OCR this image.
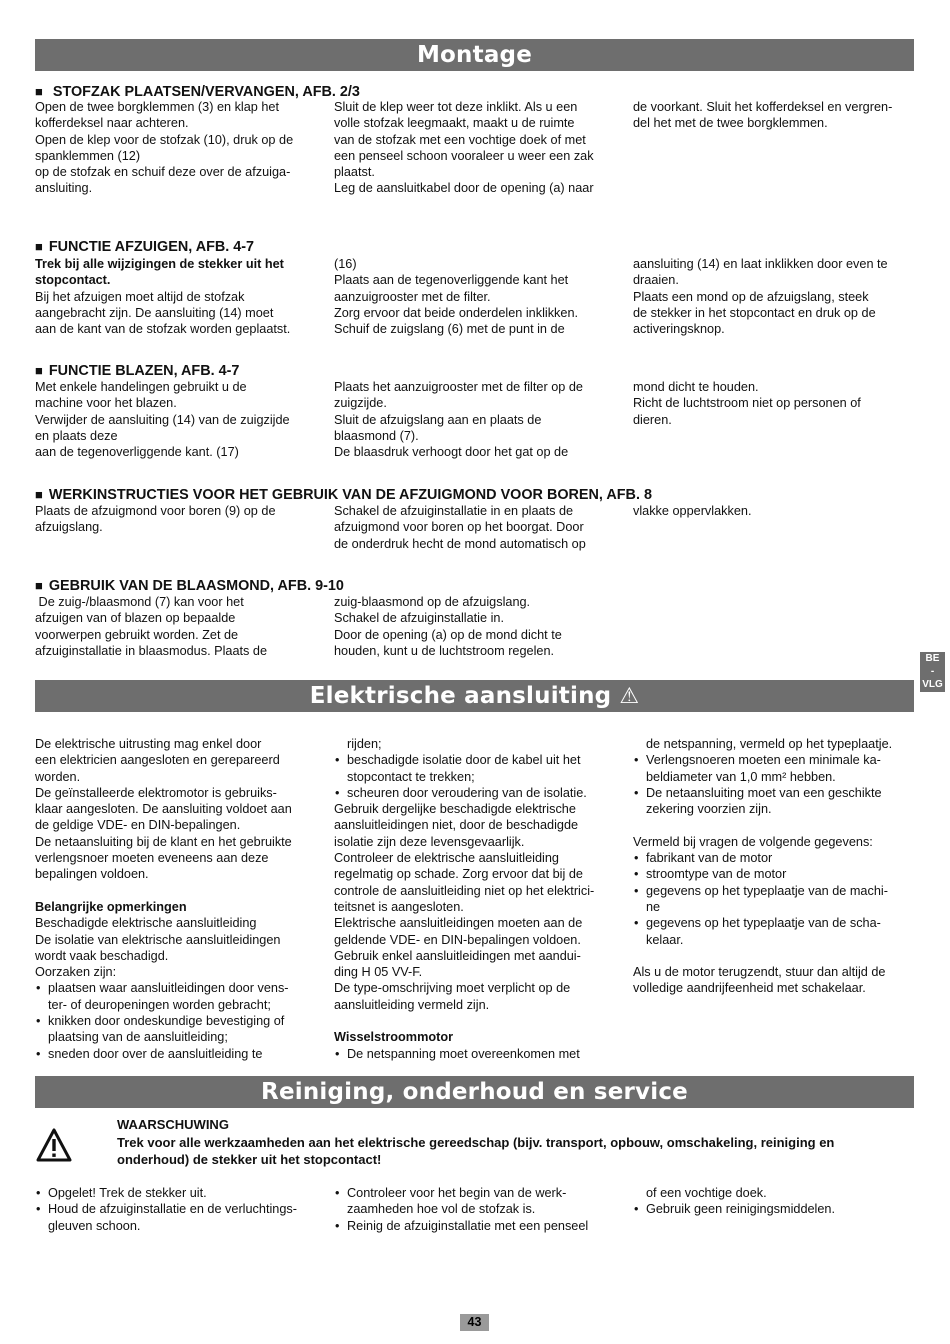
Montage
■ STOFZAK PLAATSEN/VERVANGEN, AFB. 2/3
Open de twee borgklemmen (3) en klap het
kofferdeksel naar achteren.
Open de klep voor de stofzak (10), druk op de
spanklemmen (12)
op de stofzak en schuif deze over de afzuiga-
ansluiting.
Sluit de klep weer tot deze inklikt. Als u een
volle stofzak leegmaakt, maakt u de ruimte
van de stofzak met een vochtige doek of met
een penseel schoon vooraleer u weer een zak
plaatst.
Leg de aansluitkabel door de opening (a) naar
de voorkant. Sluit het kofferdeksel en vergren-
del het met de twee borgklemmen.
■ FUNCTIE AFZUIGEN, AFB. 4-7
Trek bij alle wijzigingen de stekker uit het
stopcontact.
Bij het afzuigen moet altijd de stofzak
aangebracht zijn. De aansluiting (14) moet
aan de kant van de stofzak worden geplaatst.
(16)
Plaats aan de tegenoverliggende kant het
aanzuigrooster met de filter.
Zorg ervoor dat beide onderdelen inklikken.
Schuif de zuigslang (6) met de punt in de
aansluiting (14) en laat inklikken door even te
draaien.
Plaats een mond op de afzuigslang, steek
de stekker in het stopcontact en druk op de
activeringsknop.
■ FUNCTIE BLAZEN, AFB. 4-7
Met enkele handelingen gebruikt u de
machine voor het blazen.
Verwijder de aansluiting (14) van de zuigzijde
en plaats deze
aan de tegenoverliggende kant. (17)
Plaats het aanzuigrooster met de filter op de
zuigzijde.
Sluit de afzuigslang aan en plaats de
blaasmond (7).
De blaasdruk verhoogt door het gat op de
mond dicht te houden.
Richt de luchtstroom niet op personen of
dieren.
■ WERKINSTRUCTIES VOOR HET GEBRUIK VAN DE AFZUIGMOND VOOR BOREN, AFB. 8
Plaats de afzuigmond voor boren (9) op de
afzuigslang.
Schakel de afzuiginstallatie in en plaats de
afzuigmond voor boren op het boorgat. Door
de onderdruk hecht de mond automatisch op
vlakke oppervlakken.
■ GEBRUIK VAN DE BLAASMOND, AFB. 9-10
De zuig-/blaasmond (7) kan voor het
afzuigen van of blazen op bepaalde
voorwerpen gebruikt worden. Zet de
afzuiginstallatie in blaasmodus. Plaats de
zuig-blaasmond op de afzuigslang.
Schakel de afzuiginstallatie in.
Door de opening (a) op de mond dicht te
houden, kunt u de luchtstroom regelen.
BE
-
VLG
Elektrische aansluiting ⚠
De elektrische uitrusting mag enkel door
een elektricien aangesloten en gerepareerd
worden.
De geïnstalleerde elektromotor is gebruiks-
klaar aangesloten. De aansluiting voldoet aan
de geldige VDE- en DIN-bepalingen.
De netaansluiting bij de klant en het gebruikte
verlengsnoer moeten eveneens aan deze
bepalingen voldoen.

Belangrijke opmerkingen

Beschadigde elektrische aansluitleiding
De isolatie van elektrische aansluitleidingen
wordt vaak beschadigd.
Oorzaken zijn:
• plaatsen waar aansluitleidingen door vens-
ter- of deuropeningen worden gebracht;
• knikken door ondeskundige bevestiging of
plaatsing van de aansluitleiding;
• sneden door over de aansluitleiding te

rijden;

• beschadigde isolatie door de kabel uit het
stopcontact te trekken;
• scheuren door veroudering van de isolatie.
Gebruik dergelijke beschadigde elektrische
aansluitleidingen niet, door de beschadigde
isolatie zijn deze levensgevaarlijk.
Controleer de elektrische aansluitleiding
regelmatig op schade. Zorg ervoor dat bij de
controle de aansluitleiding niet op het elektrici-
teitsnet is aangesloten.
Elektrische aansluitleidingen moeten aan de
geldende VDE- en DIN-bepalingen voldoen.
Gebruik enkel aansluitleidingen met aandui-
ding H 05 VV-F.
De type-omschrijving moet verplicht op de
aansluitleiding vermeld zijn.

Wisselstroommotor

• De netspanning moet overeenkomen met

de netspanning, vermeld op het typeplaatje.

• Verlengsnoeren moeten een minimale ka-
beldiameter van 1,0 mm² hebben.
• De netaansluiting moet van een geschikte
zekering voorzien zijn.

Vermeld bij vragen de volgende gegevens:

• fabrikant van de motor
• stroomtype van de motor
• gegevens op het typeplaatje van de machi-
ne
• gegevens op het typeplaatje van de scha-
kelaar.
Als u de motor terugzendt, stuur dan altijd de
volledige aandrijfeenheid met schakelaar.
Reiniging, onderhoud en service
WAARSCHUWING
Trek voor alle werkzaamheden aan het elektrische gereedschap (bijv. transport, opbouw, omschakeling, reiniging en onderhoud) de stekker uit het stopcontact!
• Opgelet! Trek de stekker uit.
• Houd de afzuiginstallatie en de verluchtings-
gleuven schoon.
• Controleer voor het begin van de werk-
zaamheden hoe vol de stofzak is.
• Reinig de afzuiginstallatie met een penseel

of een vochtige doek.

• Gebruik geen reinigingsmiddelen.
43
